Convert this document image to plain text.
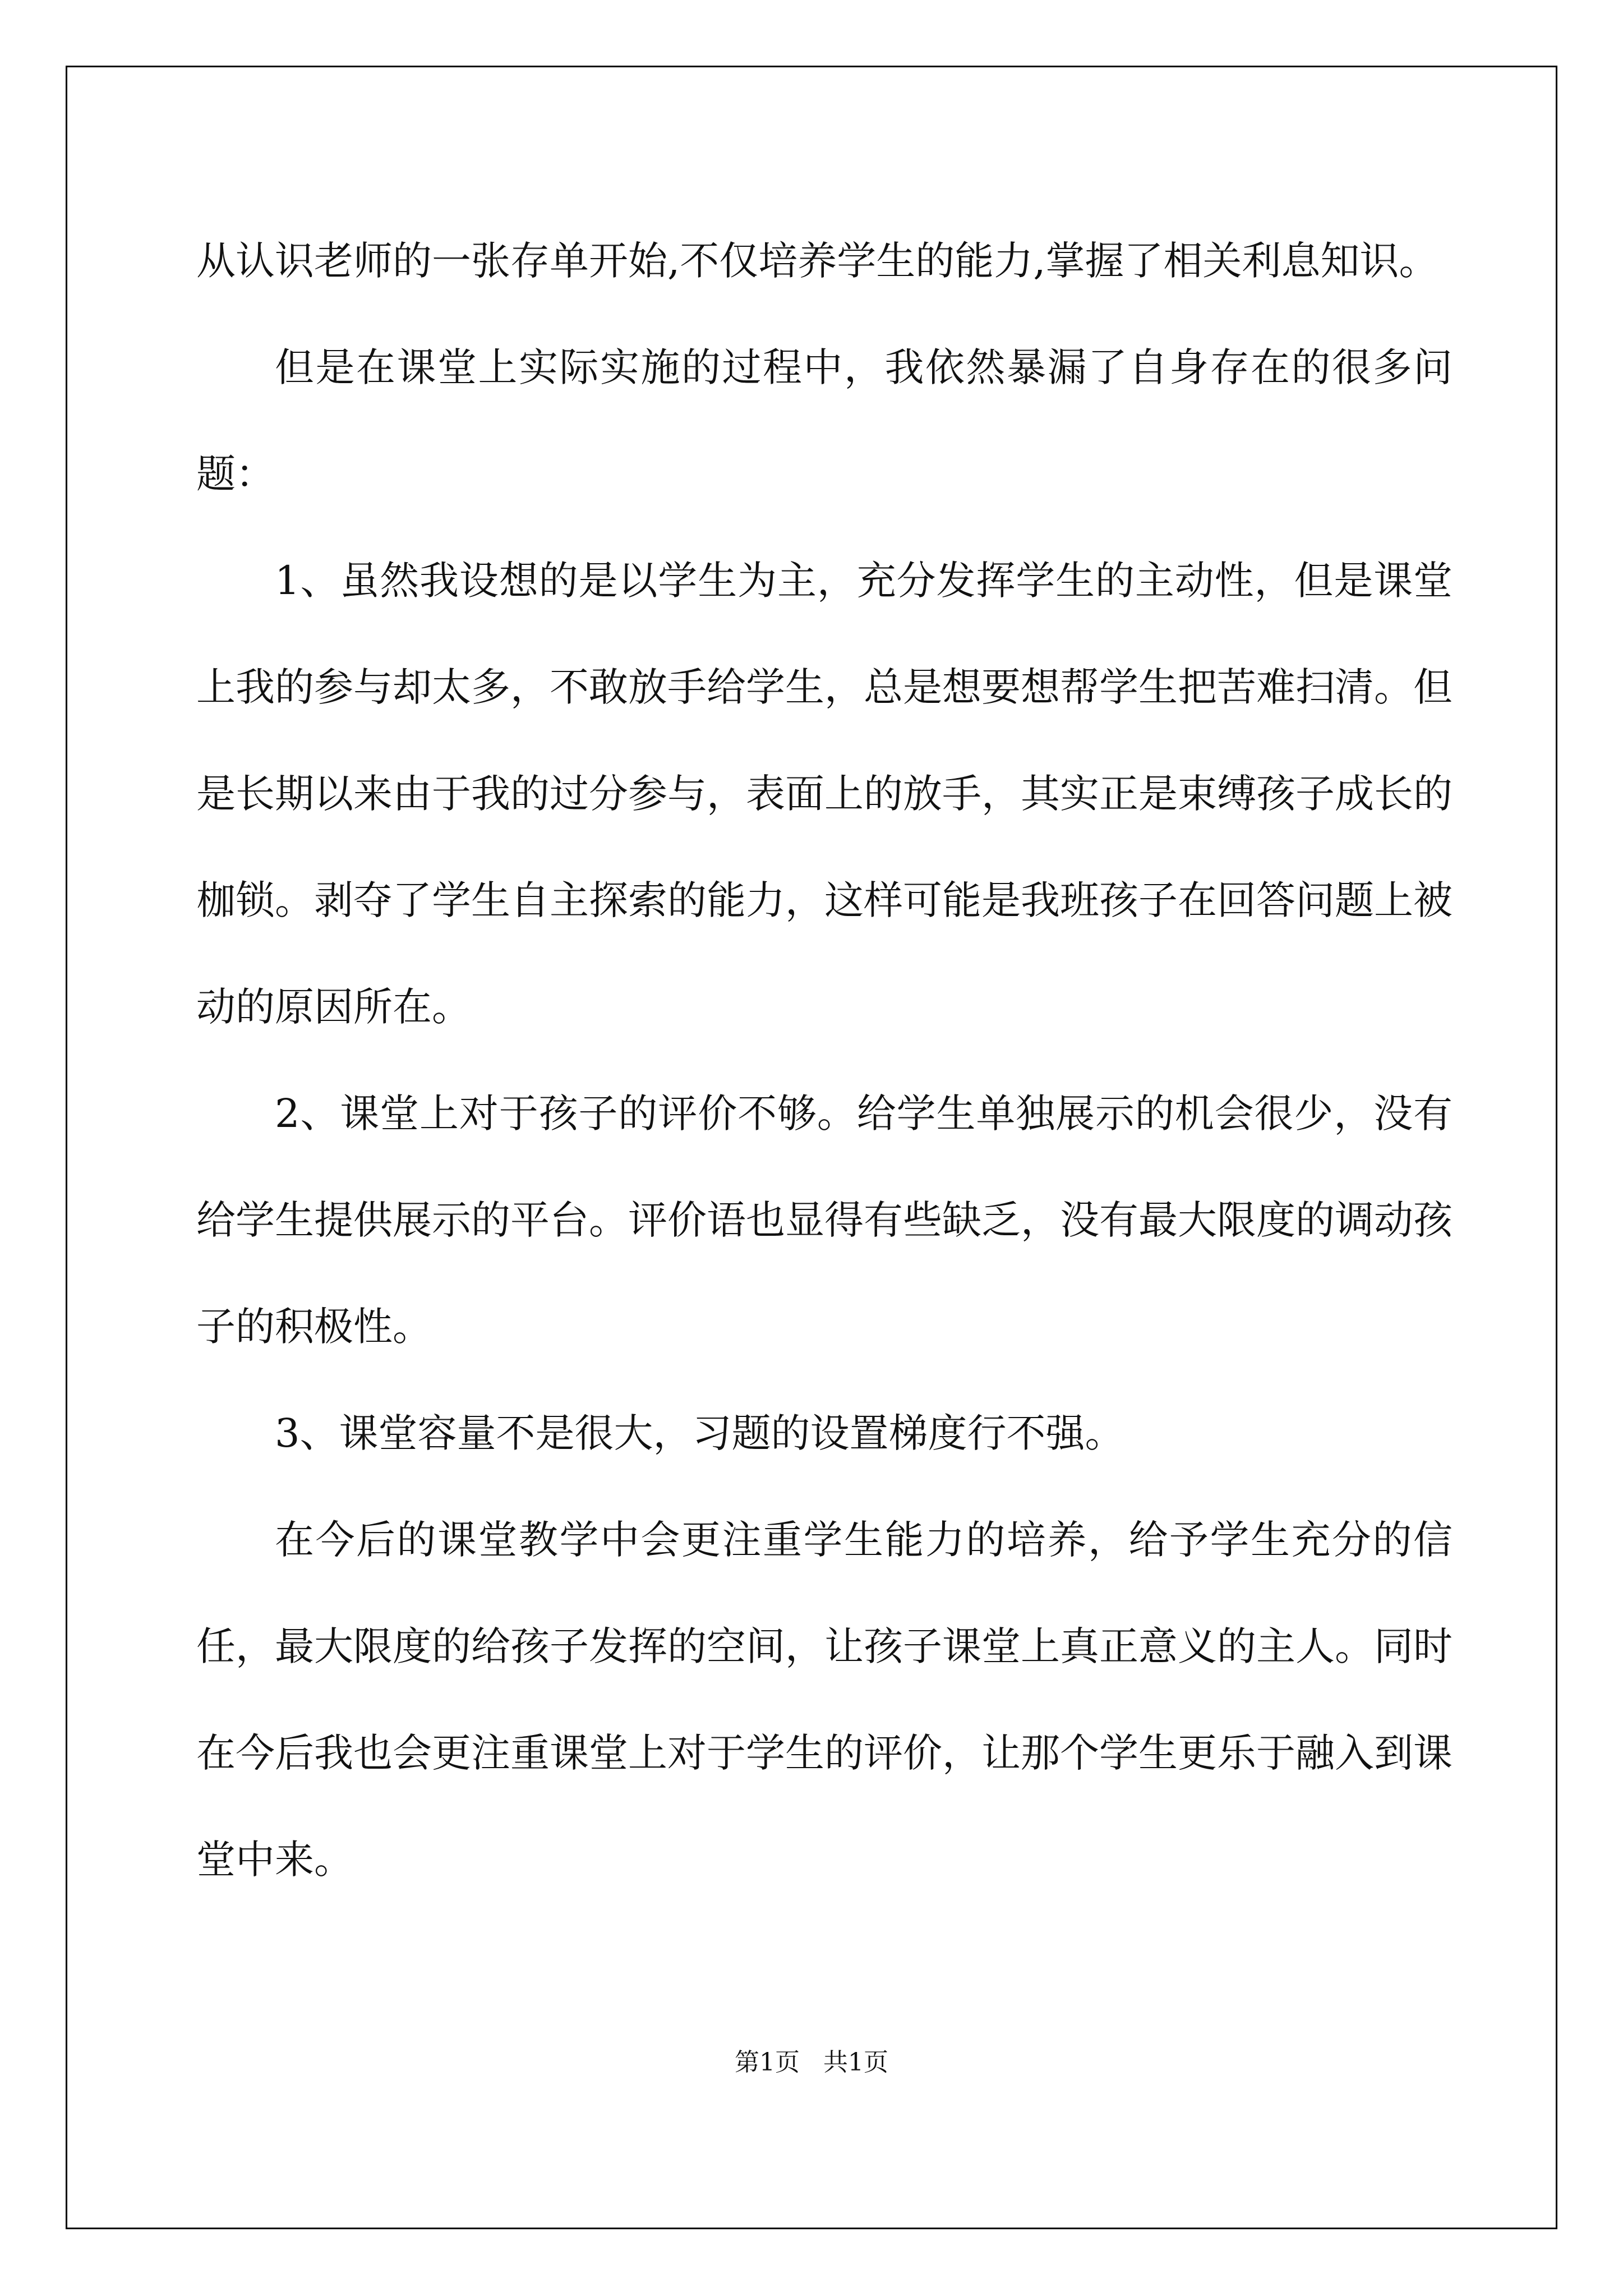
从认识老师的一张存单开始,不仅培养学生的能力,掌握了相关利息知识。

但是在课堂上实际实施的过程中，我依然暴漏了自身存在的很多问题：

1、虽然我设想的是以学生为主，充分发挥学生的主动性，但是课堂上我的参与却太多，不敢放手给学生，总是想要想帮学生把苦难扫清。但是长期以来由于我的过分参与，表面上的放手，其实正是束缚孩子成长的枷锁。剥夺了学生自主探索的能力，这样可能是我班孩子在回答问题上被动的原因所在。

2、课堂上对于孩子的评价不够。给学生单独展示的机会很少，没有给学生提供展示的平台。评价语也显得有些缺乏，没有最大限度的调动孩子的积极性。

3、课堂容量不是很大，习题的设置梯度行不强。

在今后的课堂教学中会更注重学生能力的培养，给予学生充分的信任，最大限度的给孩子发挥的空间，让孩子课堂上真正意义的主人。同时在今后我也会更注重课堂上对于学生的评价，让那个学生更乐于融入到课堂中来。

第1页   共1页
